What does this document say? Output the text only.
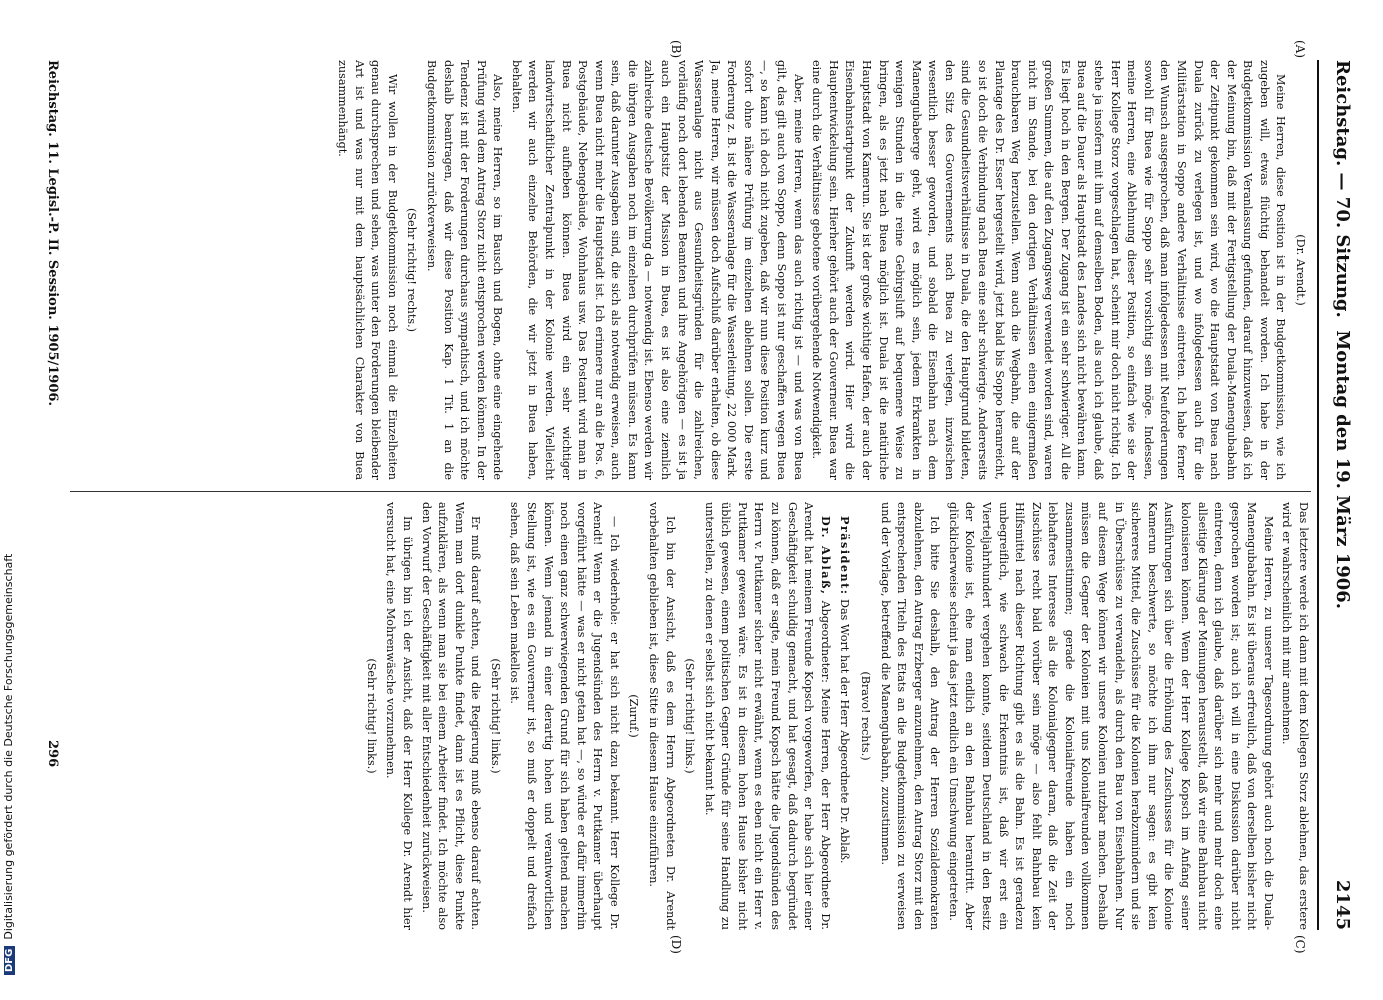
DFGDigitalisierung gefördert durch die Deutsche Forschungsgemeinschaft
Reichstag. — 70. Sitzung.  Montag den 19. März 1906.
2145
(A)
(B)
(C)
(D)

(Dr. Arendt.)

Meine Herren, diese Position ist in der Budgetkommission, wie ich zugeben will, etwas flüchtig behandelt worden. Ich habe in der Budgetkommission Veranlassung gefunden, darauf hinzuweisen, daß ich der Meinung bin, daß mit der Fertigstellung der Duala-Manengubabahn der Zeitpunkt gekommen sein wird, wo die Hauptstadt von Buea nach Duala zurück zu verlegen ist, und wo infolgedessen auch für die Militärstation in Soppo andere Verhältnisse eintreten. Ich habe ferner den Wunsch ausgesprochen, daß man infolgedessen mit Neuforderungen sowohl für Buea wie für Soppo sehr vorsichtig sein möge. Indessen, meine Herren, eine Ablehnung dieser Position, so einfach wie sie der Herr Kollege Storz vorgeschlagen hat, scheint mir doch nicht richtig. Ich stehe ja insofern mit ihm auf demselben Boden, als auch ich glaube, daß Buea auf die Dauer als Hauptstadt des Landes sich nicht bewähren kann. Es liegt hoch in den Bergen. Der Zugang ist ein sehr schwieriger. All die großen Summen, die auf den Zugangsweg verwendet worden sind, waren nicht im Stande, bei den dortigen Verhältnissen einen einigermaßen brauchbaren Weg herzustellen. Wenn auch die Wegbahn, die auf der Plantage des Dr. Esser hergestellt wird, jetzt bald bis Soppo heranreicht, so ist doch die Verbindung nach Buea eine sehr schwierige. Andererseits sind die Gesundheitsverhältnisse in Duala, die den Hauptgrund bildeten, den Sitz des Gouvernements nach Buea zu verlegen, inzwischen wesentlich besser geworden, und sobald die Eisenbahn nach dem Manengubaberge geht, wird es möglich sein, jedem Erkrankten in wenigen Stunden in die reine Gebirgsluft auf bequemere Weise zu bringen, als es jetzt nach Buea möglich ist. Duala ist die natürliche Hauptstadt von Kamerun. Sie ist der große wichtige Hafen, der auch der Eisenbahnstartpunkt der Zukunft werden wird. Hier wird die Hauptentwickelung sein. Hierher gehört auch der Gouverneur. Buea war eine durch die Verhältnisse gebotene vorübergehende Notwendigkeit.

Aber, meine Herren, wenn das auch richtig ist — und was von Buea gilt, das gilt auch von Soppo, denn Soppo ist nur geschaffen wegen Buea —, so kann ich doch nicht zugeben, daß wir nun diese Position kurz und sofort ohne nähere Prüfung im einzelnen ablehnen sollen. Die erste Forderung z. B. ist die Wasseranlage für die Wasserleitung, 22 000 Mark. Ja, meine Herren, wir müssen doch Aufschluß darüber erhalten, ob diese Wasseranlage nicht aus Gesundheitsgründen für die zahlreichen, vorläufig noch dort lebenden Beamten und ihre Angehörigen — es ist ja auch ein Hauptsitz der Mission in Buea, es ist also eine ziemlich zahlreiche deutsche Bevölkerung da — notwendig ist. Ebenso werden wir die übrigen Ausgaben noch im einzelnen durchprüfen müssen. Es kann sein, daß darunter Ausgaben sind, die sich als notwendig erweisen, auch wenn Buea nicht mehr die Hauptstadt ist. Ich erinnere nur an die Pos. 6, Postgebäude, Nebengebäude, Wohnhaus usw. Das Postamt wird man in Buea nicht aufheben können. Buea wird ein sehr wichtiger landwirtschaftlicher Zentralpunkt in der Kolonie werden. Vielleicht werden wir auch einzelne Behörden, die wir jetzt in Buea haben, behalten.

Also, meine Herren, so im Bausch und Bogen, ohne eine eingehende Prüfung wird dem Antrag Storz nicht entsprochen werden können. In der Tendenz ist mit der Forderungen durchaus sympathisch, und ich möchte deshalb beantragen, daß wir diese Position Kap. 1 Tit. 1 an die Budgetkommission zurückverweisen.

(Sehr richtig! rechts.)

Wir wollen in der Budgetkommission noch einmal die Einzelheiten genau durchsprechen und sehen, was unter den Forderungen bleibender Art ist und was nur mit dem hauptsächlichen Charakter von Buea zusammenhängt.

Das letztere werde ich dann mit dem Kollegen Storz ablehnen, das erstere wird er wahrscheinlich mit mir annehmen.

Meine Herren, zu unserer Tagesordnung gehört auch noch die Duala-Manengubabahn. Es ist überaus erfreulich, daß von derselben bisher nicht gesprochen worden ist; auch ich will in eine Diskussion darüber nicht eintreten, denn ich glaube, daß darüber sich mehr und mehr doch eine allseitige Klärung der Meinungen herausstellt, daß wir eine Bahnbau nicht kolonisieren können. Wenn der Herr Kollege Kopsch im Anfang seiner Ausführungen sich über die Erhöhung des Zuschusses für die Kolonie Kamerun beschwerte, so möchte ich ihm nur sagen: es gibt kein sichereres Mittel, die Zuschüsse für die Kolonien herabzumindern und sie in Überschüsse zu verwandeln, als durch den Bau von Eisenbahnen. Nur auf diesem Wege können wir unsere Kolonien nutzbar machen. Deshalb müssen die Gegner der Kolonien mit uns Kolonialfreunden vollkommen zusammenstimmen; gerade die Kolonialfreunde haben ein noch lebhafteres Interesse als die Kolonialgegner daran, daß die Zeit der Zuschüsse recht bald vorüber sein möge — also fehlt Bahnbau kein Hilfsmittel nach dieser Richtung gibt es als die Bahn. Es ist geradezu unbegreiflich, wie schwach die Erkenntnis ist, daß wir erst ein Vierteljahrhundert vergehen konnte, seitdem Deutschland in den Besitz der Kolonie ist, ehe man endlich an den Bahnbau herantritt. Aber glücklicherweise scheint ja das jetzt endlich ein Umschwung eingetreten.

Ich bitte Sie deshalb, den Antrag der Herren Sozialdemokraten abzulehnen, den Antrag Erzberger anzunehmen, den Antrag Storz mit den entsprechenden Titeln des Etats an die Budgetkommission zu verweisen und der Vorlage, betreffend die Manengubabahn, zuzustimmen.

(Bravo! rechts.)

Präsident: Das Wort hat der Herr Abgeordnete Dr. Ablaß.

Dr. Ablaß, Abgeordneter: Meine Herren, der Herr Abgeordnete Dr. Arendt hat meinem Freunde Kopsch vorgeworfen, er habe sich hier einer Geschäftigkeit schuldig gemacht, und hat gesagt, daß dadurch begründet zu können, daß er sagte, mein Freund Kopsch hätte die Jugendsünden des Herrn v. Puttkamer sicher nicht erwähnt, wenn es eben nicht ein Herr v. Puttkamer gewesen wäre. Es ist in diesem hohen Hause bisher nicht üblich gewesen, einem politischen Gegner Gründe für seine Handlung zu unterstellen, zu denen er selbst sich nicht bekannt hat.

(Sehr richtig! links.)

Ich bin der Ansicht, daß es dem Herrn Abgeordneten Dr. Arendt vorbehalten geblieben ist, diese Sitte in diesem Hause einzuführen.

(Zuruf.)

— Ich wiederhole: er hat sich nicht dazu bekannt. Herr Kollege Dr. Arendt! Wenn er die Jugendsünden des Herrn v. Puttkamer überhaupt vorgeführt hätte — was er nicht getan hat —, so würde er dafür immerhin noch einen ganz schwerwiegenden Grund für sich haben geltend machen können. Wenn jemand in einer derartig hohen und verantwortlichen Stellung ist, wie es ein Gouverneur ist, so muß er doppelt und dreifach sehen, daß sein Leben makellos ist.

(Sehr richtig! links.)

Er muß darauf achten, und die Regierung muß ebenso darauf achten. Wenn man dort dunkle Punkte findet, dann ist es Pflicht, diese Punkte aufzuklären, als wenn man sie bei einem Arbeiter findet. Ich möchte also den Vorwurf der Geschäftigkeit mit aller Entschiedenheit zurückweisen.

Im übrigen bin ich der Ansicht, daß der Herr Kollege Dr. Arendt hier versucht hat, eine Mohrenwäsche vorzunehmen.

(Sehr richtig! links.)

Reichstag. 11. Legisl.-P. II. Session. 1905/1906.
296
